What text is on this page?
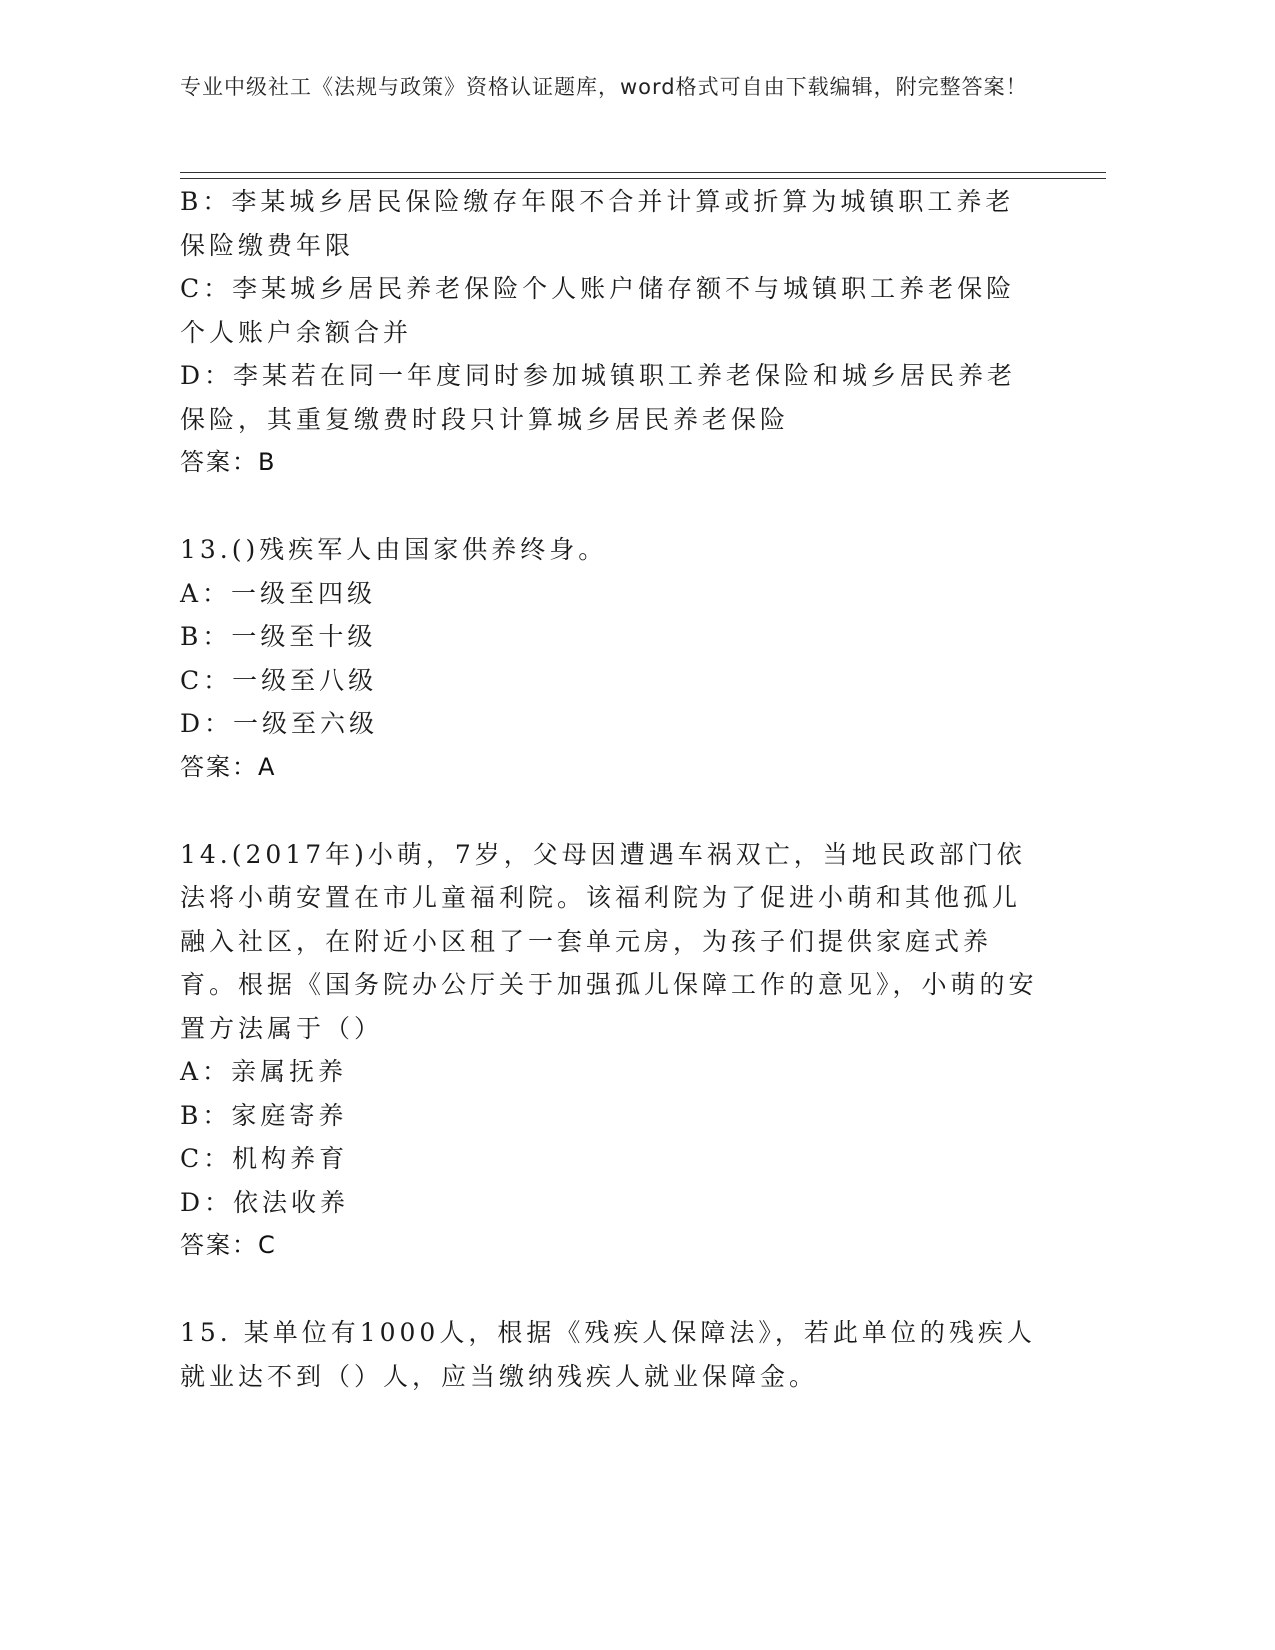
专业中级社工《法规与政策》资格认证题库，word格式可自由下载编辑，附完整答案！
B：李某城乡居民保险缴存年限不合并计算或折算为城镇职工养老保险缴费年限
C：李某城乡居民养老保险个人账户储存额不与城镇职工养老保险个人账户余额合并
D：李某若在同一年度同时参加城镇职工养老保险和城乡居民养老保险，其重复缴费时段只计算城乡居民养老保险
答案：B
13.()残疾军人由国家供养终身。
A：一级至四级
B：一级至十级
C：一级至八级
D：一级至六级
答案：A
14.(2017年)小萌，7岁，父母因遭遇车祸双亡，当地民政部门依法将小萌安置在市儿童福利院。该福利院为了促进小萌和其他孤儿融入社区，在附近小区租了一套单元房，为孩子们提供家庭式养育。根据《国务院办公厅关于加强孤儿保障工作的意见》，小萌的安置方法属于（）
A：亲属抚养
B：家庭寄养
C：机构养育
D：依法收养
答案：C
15. 某单位有1000人，根据《残疾人保障法》，若此单位的残疾人就业达不到（）人，应当缴纳残疾人就业保障金。
